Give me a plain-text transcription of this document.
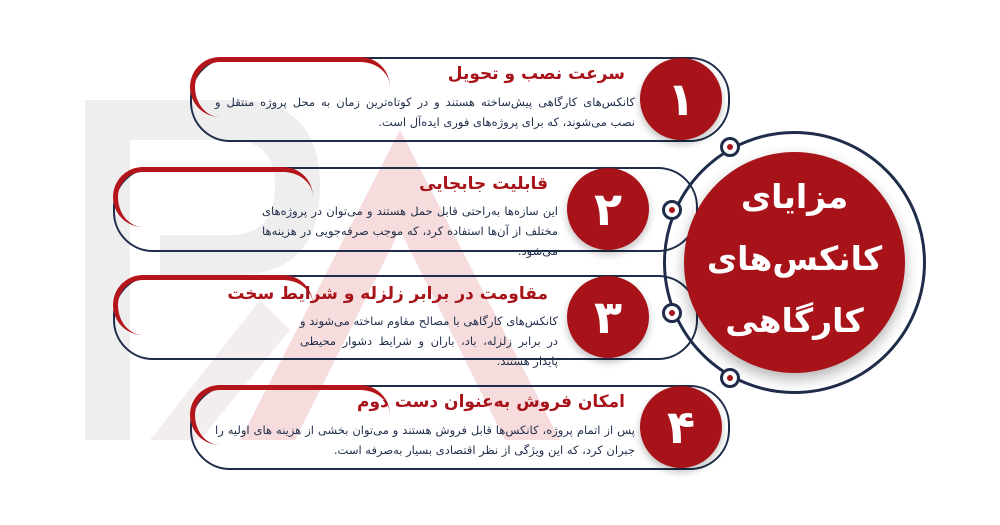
سرعت نصب و تحویل
کانکس‌های کارگاهی پیش‌ساخته هستند و در کوتاه‌ترین زمان به محل پروژه منتقل و نصب می‌شوند، که برای پروژه‌های فوری ایده‌آل است. ۱
قابلیت جابجایی
این سازه‌ها به‌راحتی قابل حمل هستند و می‌توان در پروژه‌های مختلف از آن‌ها استفاده کرد، که موجب صرفه‌جویی در هزینه‌ها می‌شود.
۲
مقاومت در برابر زلزله و شرایط سخت
کانکس‌های کارگاهی با مصالح مقاوم ساخته می‌شوند و در برابر زلزله، باد، باران و شرایط دشوار محیطی پایدار هستند.
۳
امکان فروش به‌عنوان دست دوم
پس از اتمام پروژه، کانکس‌ها قابل فروش هستند و می‌توان بخشی از هزینه های اولیه را جبران کرد، که این ویژگی از نظر اقتصادی بسیار به‌صرفه است. ۴
مزایای
کانکس‌های
کارگاهی
